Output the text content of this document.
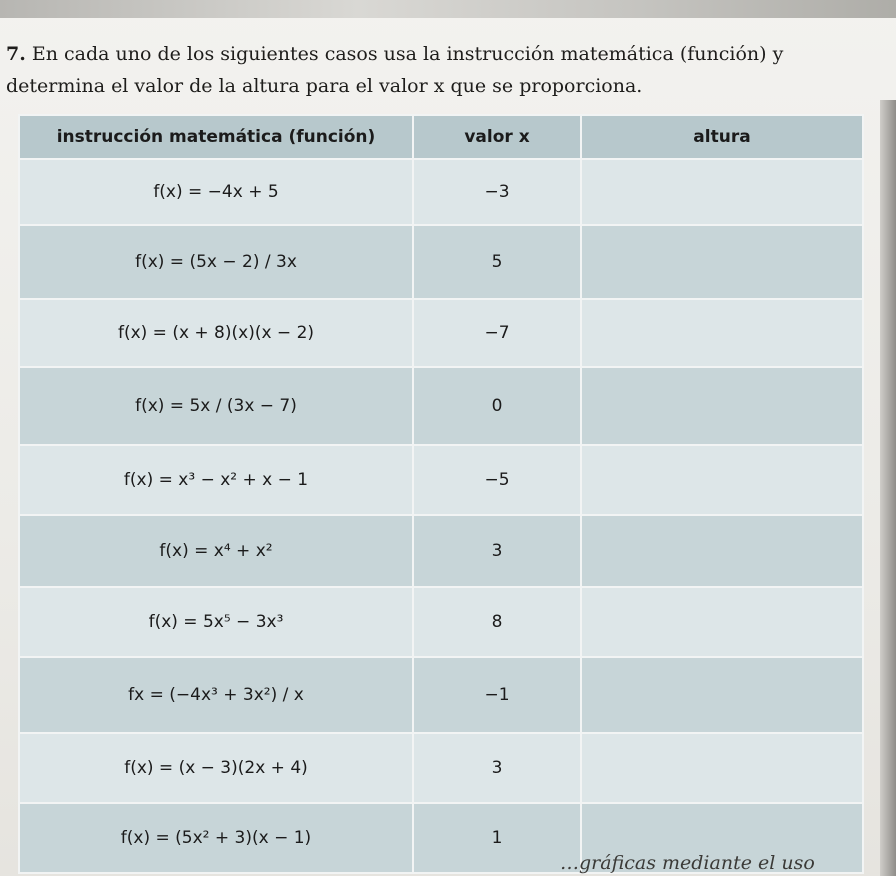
7. En cada uno de los siguientes casos usa la instrucción matemática (función) y determina el valor de la altura para el valor x que se proporciona.
instrucción matemática (función)	valor x	altura
f(x) = −4x + 5	−3	
f(x) = (5x − 2) / 3x	5	
f(x) = (x + 8)(x)(x − 2)	−7	
f(x) = 5x / (3x − 7)	0	
f(x) = x³ − x² + x − 1	−5	
f(x) = x⁴ + x²	3	
f(x) = 5x⁵ − 3x³	8	
fx = (−4x³ + 3x²) / x	−1	
f(x) = (x − 3)(2x + 4)	3	
f(x) = (5x² + 3)(x − 1)	1	
…gráficas mediante el uso
